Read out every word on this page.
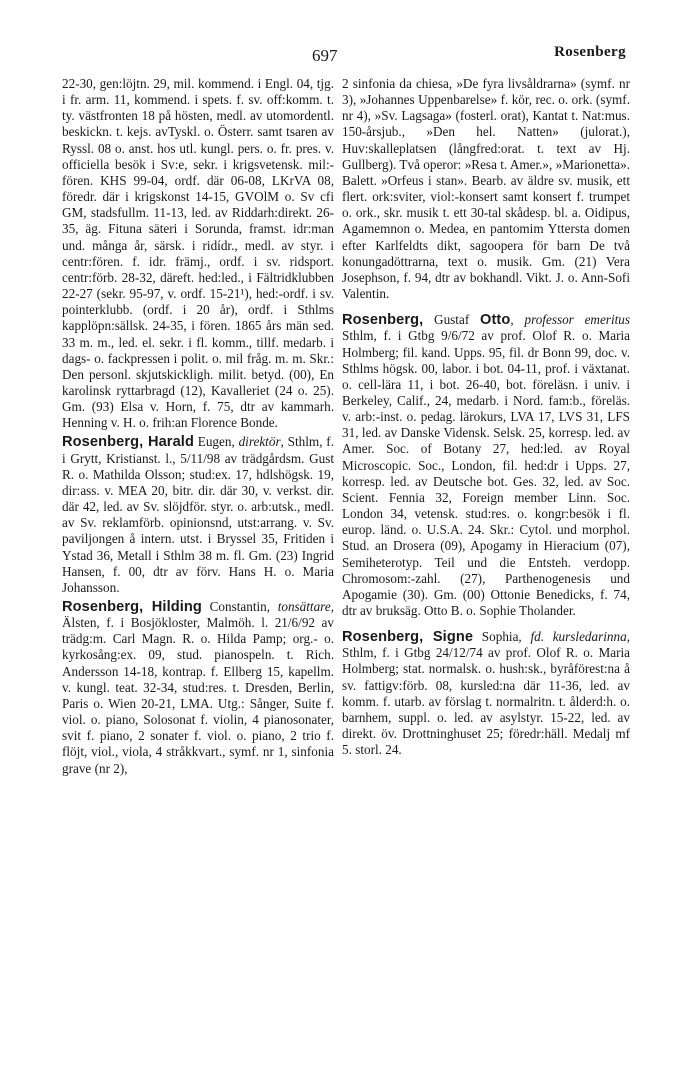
697	Rosenberg

22-30, gen:löjtn. 29, mil. kommend. i Engl. 04, tjg. i fr. arm. 11, kommend. i spets. f. sv. off:komm. t. ty. västfronten 18 på hösten, medl. av utomordentl. beskickn. t. kejs. avTyskl. o. Österr. samt tsaren av Ryssl. 08 o. anst. hos utl. kungl. pers. o. fr. pres. v. officiella besök i Sv:e, sekr. i krigsvetensk. mil:-fören. KHS 99-04, ordf. där 06-08, LKrVA 08, föredr. där i krigskonst 14-15, GVOlM o. Sv cfi GM, stadsfullm. 11-13, led. av Riddarh:direkt. 26-35, äg. Fituna säteri i Sorunda, framst. idr:man und. många år, särsk. i ridídr., medl. av styr. i centr:fören. f. idr. främj., ordf. i sv. ridsport. centr:förb. 28-32, däreft. hed:led., i Fältridklubben 22-27 (sekr. 95-97, v. ordf. 15-21¹), hed:-ordf. i sv. pointerklubb. (ordf. i 20 år), ordf. i Sthlms kapplöpn:sällsk. 24-35, i fören. 1865 års män sed. 33 m. m., led. el. sekr. i fl. komm., tillf. medarb. i dags- o. fackpressen i polit. o. mil fråg. m. m. Skr.: Den personl. skjutskickligh. milit. betyd. (00), En karolinsk ryttarbragd (12), Kavalleriet (24 o. 25). Gm. (93) Elsa v. Horn, f. 75, dtr av kammarh. Henning v. H. o. frih:an Florence Bonde.

Rosenberg, Harald Eugen, direktör, Sthlm, f. i Grytt, Kristianst. l., 5/11/98 av trädgårdsm. Gust R. o. Mathilda Olsson; stud:ex. 17, hdlshögsk. 19, dir:ass. v. MEA 20, bitr. dir. där 30, v. verkst. dir. där 42, led. av Sv. slöjdför. styr. o. arb:utsk., medl. av Sv. reklamförb. opinionsnd, utst:arrang. v. Sv. paviljongen å intern. utst. i Bryssel 35, Fritiden i Ystad 36, Metall i Sthlm 38 m. fl. Gm. (23) Ingrid Hansen, f. 00, dtr av förv. Hans H. o. Maria Johansson.

Rosenberg, Hilding Constantin, tonsättare, Älsten, f. i Bosjökloster, Malmöh. l. 21/6/92 av trädg:m. Carl Magn. R. o. Hilda Pamp; org.- o. kyrkosång:ex. 09, stud. pianospeln. t. Rich. Andersson 14-18, kontrap. f. Ellberg 15, kapellm. v. kungl. teat. 32-34, stud:res. t. Dresden, Berlin, Paris o. Wien 20-21, LMA. Utg.: Sånger, Suite f. viol. o. piano, Solosonat f. violin, 4 pianosonater, svit f. piano, 2 sonater f. viol. o. piano, 2 trio f. flöjt, viol., viola, 4 stråkkvart., symf. nr 1, sinfonia grave (nr 2),

2 sinfonia da chiesa, »De fyra livsåldrarna» (symf. nr 3), »Johannes Uppenbarelse» f. kör, rec. o. ork. (symf. nr 4), »Sv. Lagsaga» (fosterl. orat), Kantat t. Nat:mus. 150-årsjub., »Den hel. Natten» (julorat.), Huv:skalleplatsen (långfred:orat. t. text av Hj. Gullberg). Två operor: »Resa t. Amer.», »Marionetta». Balett. »Orfeus i stan». Bearb. av äldre sv. musik, ett flert. ork:sviter, viol:-konsert samt konsert f. trumpet o. ork., skr. musik t. ett 30-tal skådesp. bl. a. Oidipus, Agamemnon o. Medea, en pantomim Yttersta domen efter Karlfeldts dikt, sagoopera för barn De två konungadöttrarna, text o. musik. Gm. (21) Vera Josephson, f. 94, dtr av bokhandl. Vikt. J. o. Ann-Sofi Valentin.

Rosenberg, Gustaf Otto, professor emeritus Sthlm, f. i Gtbg 9/6/72 av prof. Olof R. o. Maria Holmberg; fil. kand. Upps. 95, fil. dr Bonn 99, doc. v. Sthlms högsk. 00, labor. i bot. 04-11, prof. i växtanat. o. cell-lära 11, i bot. 26-40, bot. föreläsn. i univ. i Berkeley, Calif., 24, medarb. i Nord. fam:b., föreläs. v. arb:-inst. o. pedag. lärokurs, LVA 17, LVS 31, LFS 31, led. av Danske Vidensk. Selsk. 25, korresp. led. av Amer. Soc. of Botany 27, hed:led. av Royal Microscopic. Soc., London, fil. hed:dr i Upps. 27, korresp. led. av Deutsche bot. Ges. 32, led. av Soc. Scient. Fennia 32, Foreign member Linn. Soc. London 34, vetensk. stud:res. o. kongr:besök i fl. europ. länd. o. U.S.A. 24. Skr.: Cytol. und morphol. Stud. an Drosera (09), Apogamy in Hieracium (07), Semiheterotyp. Teil und die Entsteh. verdopp. Chromosom:-zahl. (27), Parthenogenesis und Apogamie (30). Gm. (00) Ottonie Benedicks, f. 74, dtr av bruksäg. Otto B. o. Sophie Tholander.

Rosenberg, Signe Sophia, fd. kursledarinna, Sthlm, f. i Gtbg 24/12/74 av prof. Olof R. o. Maria Holmberg; stat. normalsk. o. hush:sk., byråförest:na å sv. fattigv:förb. 08, kursled:na där 11-36, led. av komm. f. utarb. av förslag t. normalritn. t. ålderd:h. o. barnhem, suppl. o. led. av asylstyr. 15-22, led. av direkt. öv. Drottninghuset 25; föredr:häll. Medalj mf 5. storl. 24.
